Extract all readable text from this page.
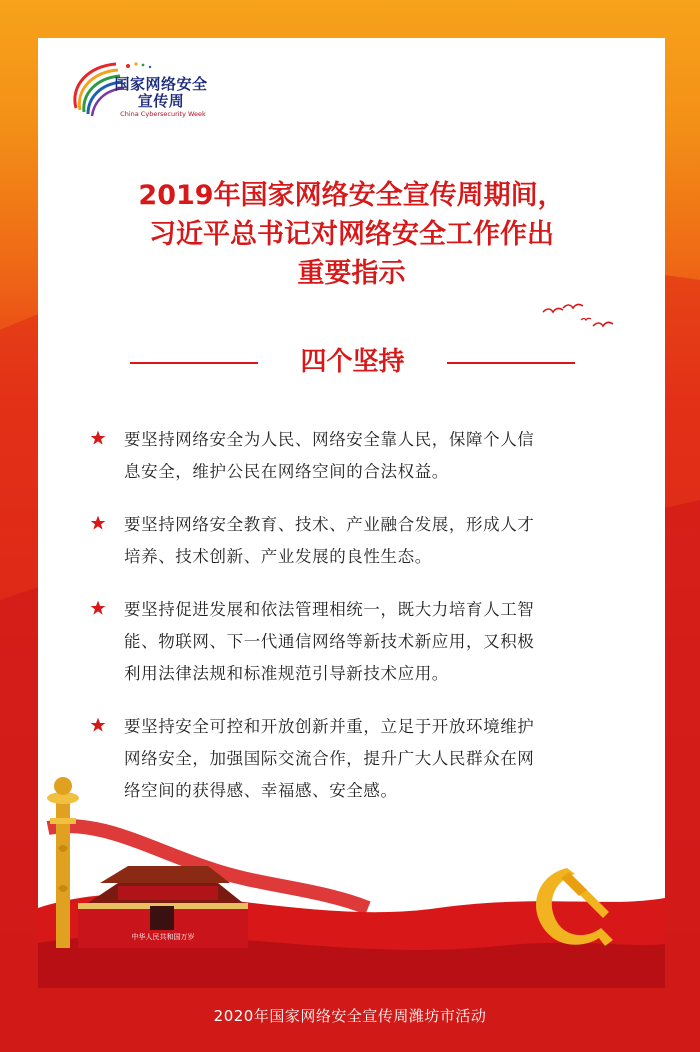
国家网络安全
宣传周
China Cybersecurity Week
2019年国家网络安全宣传周期间，
习近平总书记对网络安全工作作出
重要指示
四个坚持
要坚持网络安全为人民、网络安全靠人民，保障个人信
息安全，维护公民在网络空间的合法权益。
要坚持网络安全教育、技术、产业融合发展，形成人才
培养、技术创新、产业发展的良性生态。
要坚持促进发展和依法管理相统一，既大力培育人工智
能、物联网、下一代通信网络等新技术新应用，又积极
利用法律法规和标准规范引导新技术应用。
要坚持安全可控和开放创新并重，立足于开放环境维护
网络安全，加强国际交流合作，提升广大人民群众在网
络空间的获得感、幸福感、安全感。
中华人民共和国万岁
2020年国家网络安全宣传周潍坊市活动
